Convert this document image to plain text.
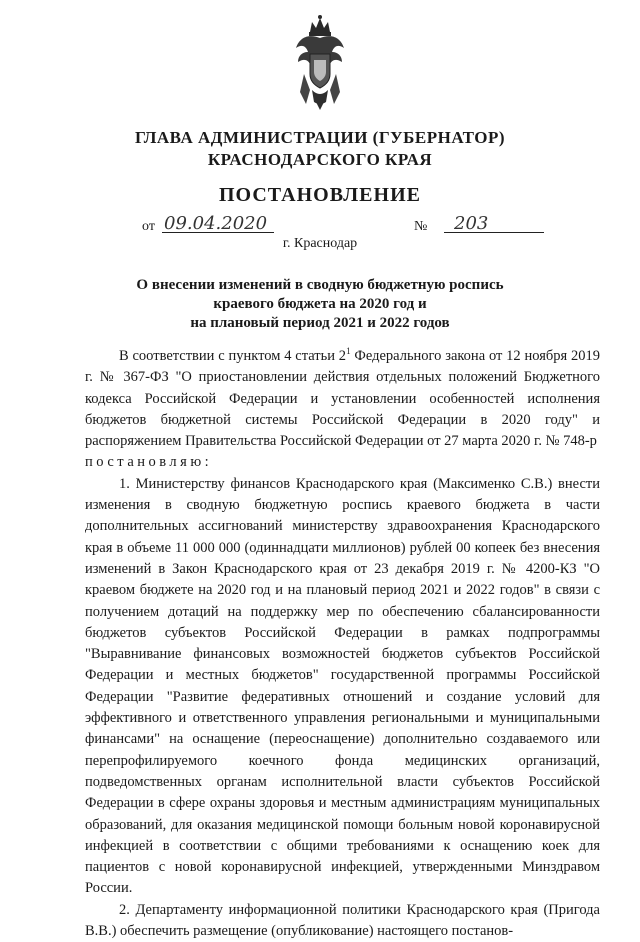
ГЛАВА АДМИНИСТРАЦИИ (ГУБЕРНАТОР)
КРАСНОДАРСКОГО КРАЯ
ПОСТАНОВЛЕНИЕ
от 09.04.2020	№ 203
г. Краснодар
О внесении изменений в сводную бюджетную роспись
краевого бюджета на 2020 год и
на плановый период 2021 и 2022 годов

В соответствии с пунктом 4 статьи $2^1$ Федерального закона от 12 ноября 2019 г. № 367-ФЗ "О приостановлении действия отдельных положений Бюджетного кодекса Российской Федерации и установлении особенностей исполнения бюджетов бюджетной системы Российской Федерации в 2020 году" и распоряжением Правительства Российской Федерации от 27 марта 2020 г. № 748-р

постановляю:

1. Министерству финансов Краснодарского края (Максименко С.В.) внести изменения в сводную бюджетную роспись краевого бюджета в части дополнительных ассигнований министерству здравоохранения Краснодарского края в объеме 11 000 000 (одиннадцати миллионов) рублей 00 копеек без внесения изменений в Закон Краснодарского края от 23 декабря 2019 г. № 4200-КЗ "О краевом бюджете на 2020 год и на плановый период 2021 и 2022 годов" в связи с получением дотаций на поддержку мер по обеспечению сбалансированности бюджетов субъектов Российской Федерации в рамках подпрограммы "Выравнивание финансовых возможностей бюджетов субъектов Российской Федерации и местных бюджетов" государственной программы Российской Федерации "Развитие федеративных отношений и создание условий для эффективного и ответственного управления региональными и муниципальными финансами" на оснащение (переоснащение) дополнительно создаваемого или перепрофилируемого коечного фонда медицинских организаций, подведомственных органам исполнительной власти субъектов Российской Федерации в сфере охраны здоровья и местным администрациям муниципальных образований, для оказания медицинской помощи больным новой коронавирусной инфекцией в соответствии с общими требованиями к оснащению коек для пациентов с новой коронавирусной инфекцией, утвержденными Минздравом России.

2. Департаменту информационной политики Краснодарского края (Пригода В.В.) обеспечить размещение (опубликование) настоящего постанов-
